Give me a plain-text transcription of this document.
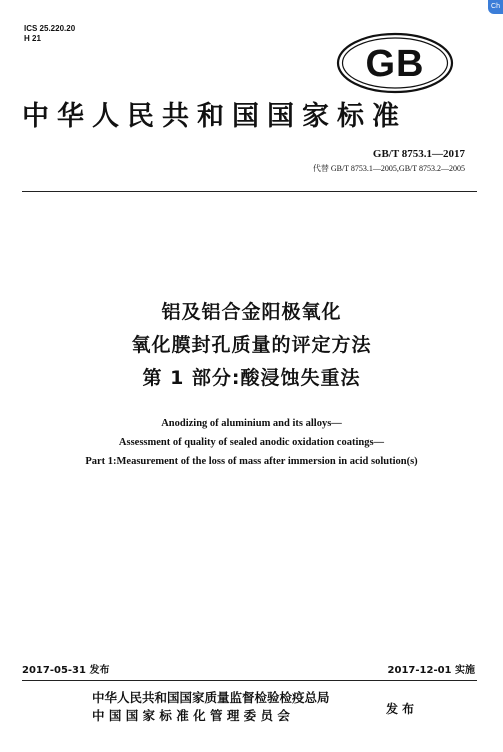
Ch
ICS 25.220.20
H 21
GB
中华人民共和国国家标准
GB/T 8753.1—2017
代替 GB/T 8753.1—2005,GB/T 8753.2—2005
铝及铝合金阳极氧化
氧化膜封孔质量的评定方法
第 1 部分:酸浸蚀失重法
Anodizing of aluminium and its alloys—
Assessment of quality of sealed anodic oxidation coatings—
Part 1:Measurement of the loss of mass after immersion in acid solution(s)
2017-05-31 发布	2017-12-01 实施
中华人民共和国国家质量监督检验检疫总局
中 国 国 家 标 准 化 管 理 委 员 会	发布
